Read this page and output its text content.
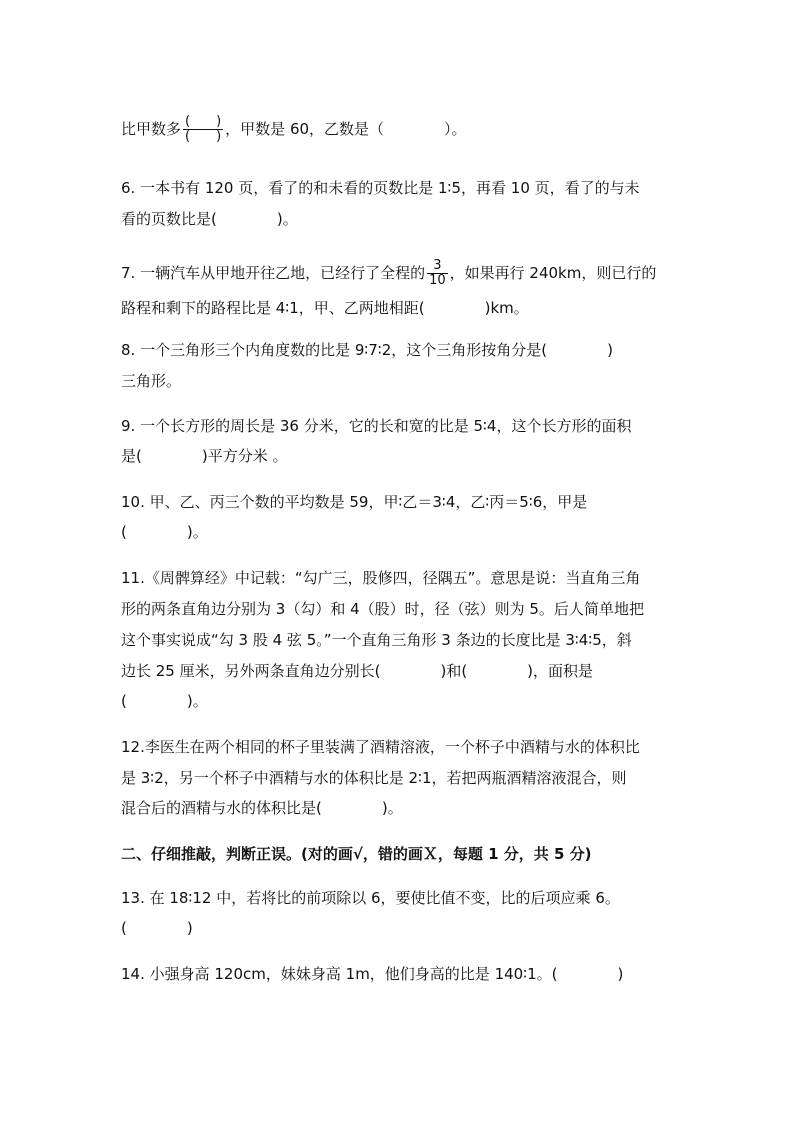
比甲数多 $\frac{( )}{( )}$ ，甲数是 60，乙数是（　　　　）。
6. 一本书有 120 页，看了的和未看的页数比是 1∶5，再看 10 页，看了的与未
看的页数比是(　　　　)。
7. 一辆汽车从甲地开往乙地，已经行了全程的 $\frac{3}{10}$ ，如果再行 240km，则已行的
路程和剩下的路程比是 4∶1，甲、乙两地相距(　　　　)km。
8. 一个三角形三个内角度数的比是 9∶7∶2，这个三角形按角分是(　　　　)
三角形。
9. 一个长方形的周长是 36 分米，它的长和宽的比是 5∶4，这个长方形的面积
是(　　　　)平方分米 。
10. 甲、乙、丙三个数的平均数是 59，甲∶乙＝3∶4，乙∶丙＝5∶6，甲是
(　　　　)。
11.《周髀算经》中记载：“勾广三，股修四，径隅五”。意思是说：当直角三角
形的两条直角边分别为 3（勾）和 4（股）时，径（弦）则为 5。后人简单地把
这个事实说成“勾 3 股 4 弦 5。”一个直角三角形 3 条边的长度比是 3∶4∶5，斜
边长 25 厘米，另外两条直角边分别长(　　　　)和(　　　　)，面积是
(　　　　)。
12.李医生在两个相同的杯子里装满了酒精溶液，一个杯子中酒精与水的体积比
是 3∶2，另一个杯子中酒精与水的体积比是 2∶1，若把两瓶酒精溶液混合，则
混合后的酒精与水的体积比是(　　　　)。
二、仔细推敲，判断正误。(对的画√，错的画Ｘ，每题 1 分，共 5 分)
13. 在 18∶12 中，若将比的前项除以 6，要使比值不变，比的后项应乘 6。
(　　　　)
14. 小强身高 120cm，妹妹身高 1m，他们身高的比是 140∶1。(　　　　)
